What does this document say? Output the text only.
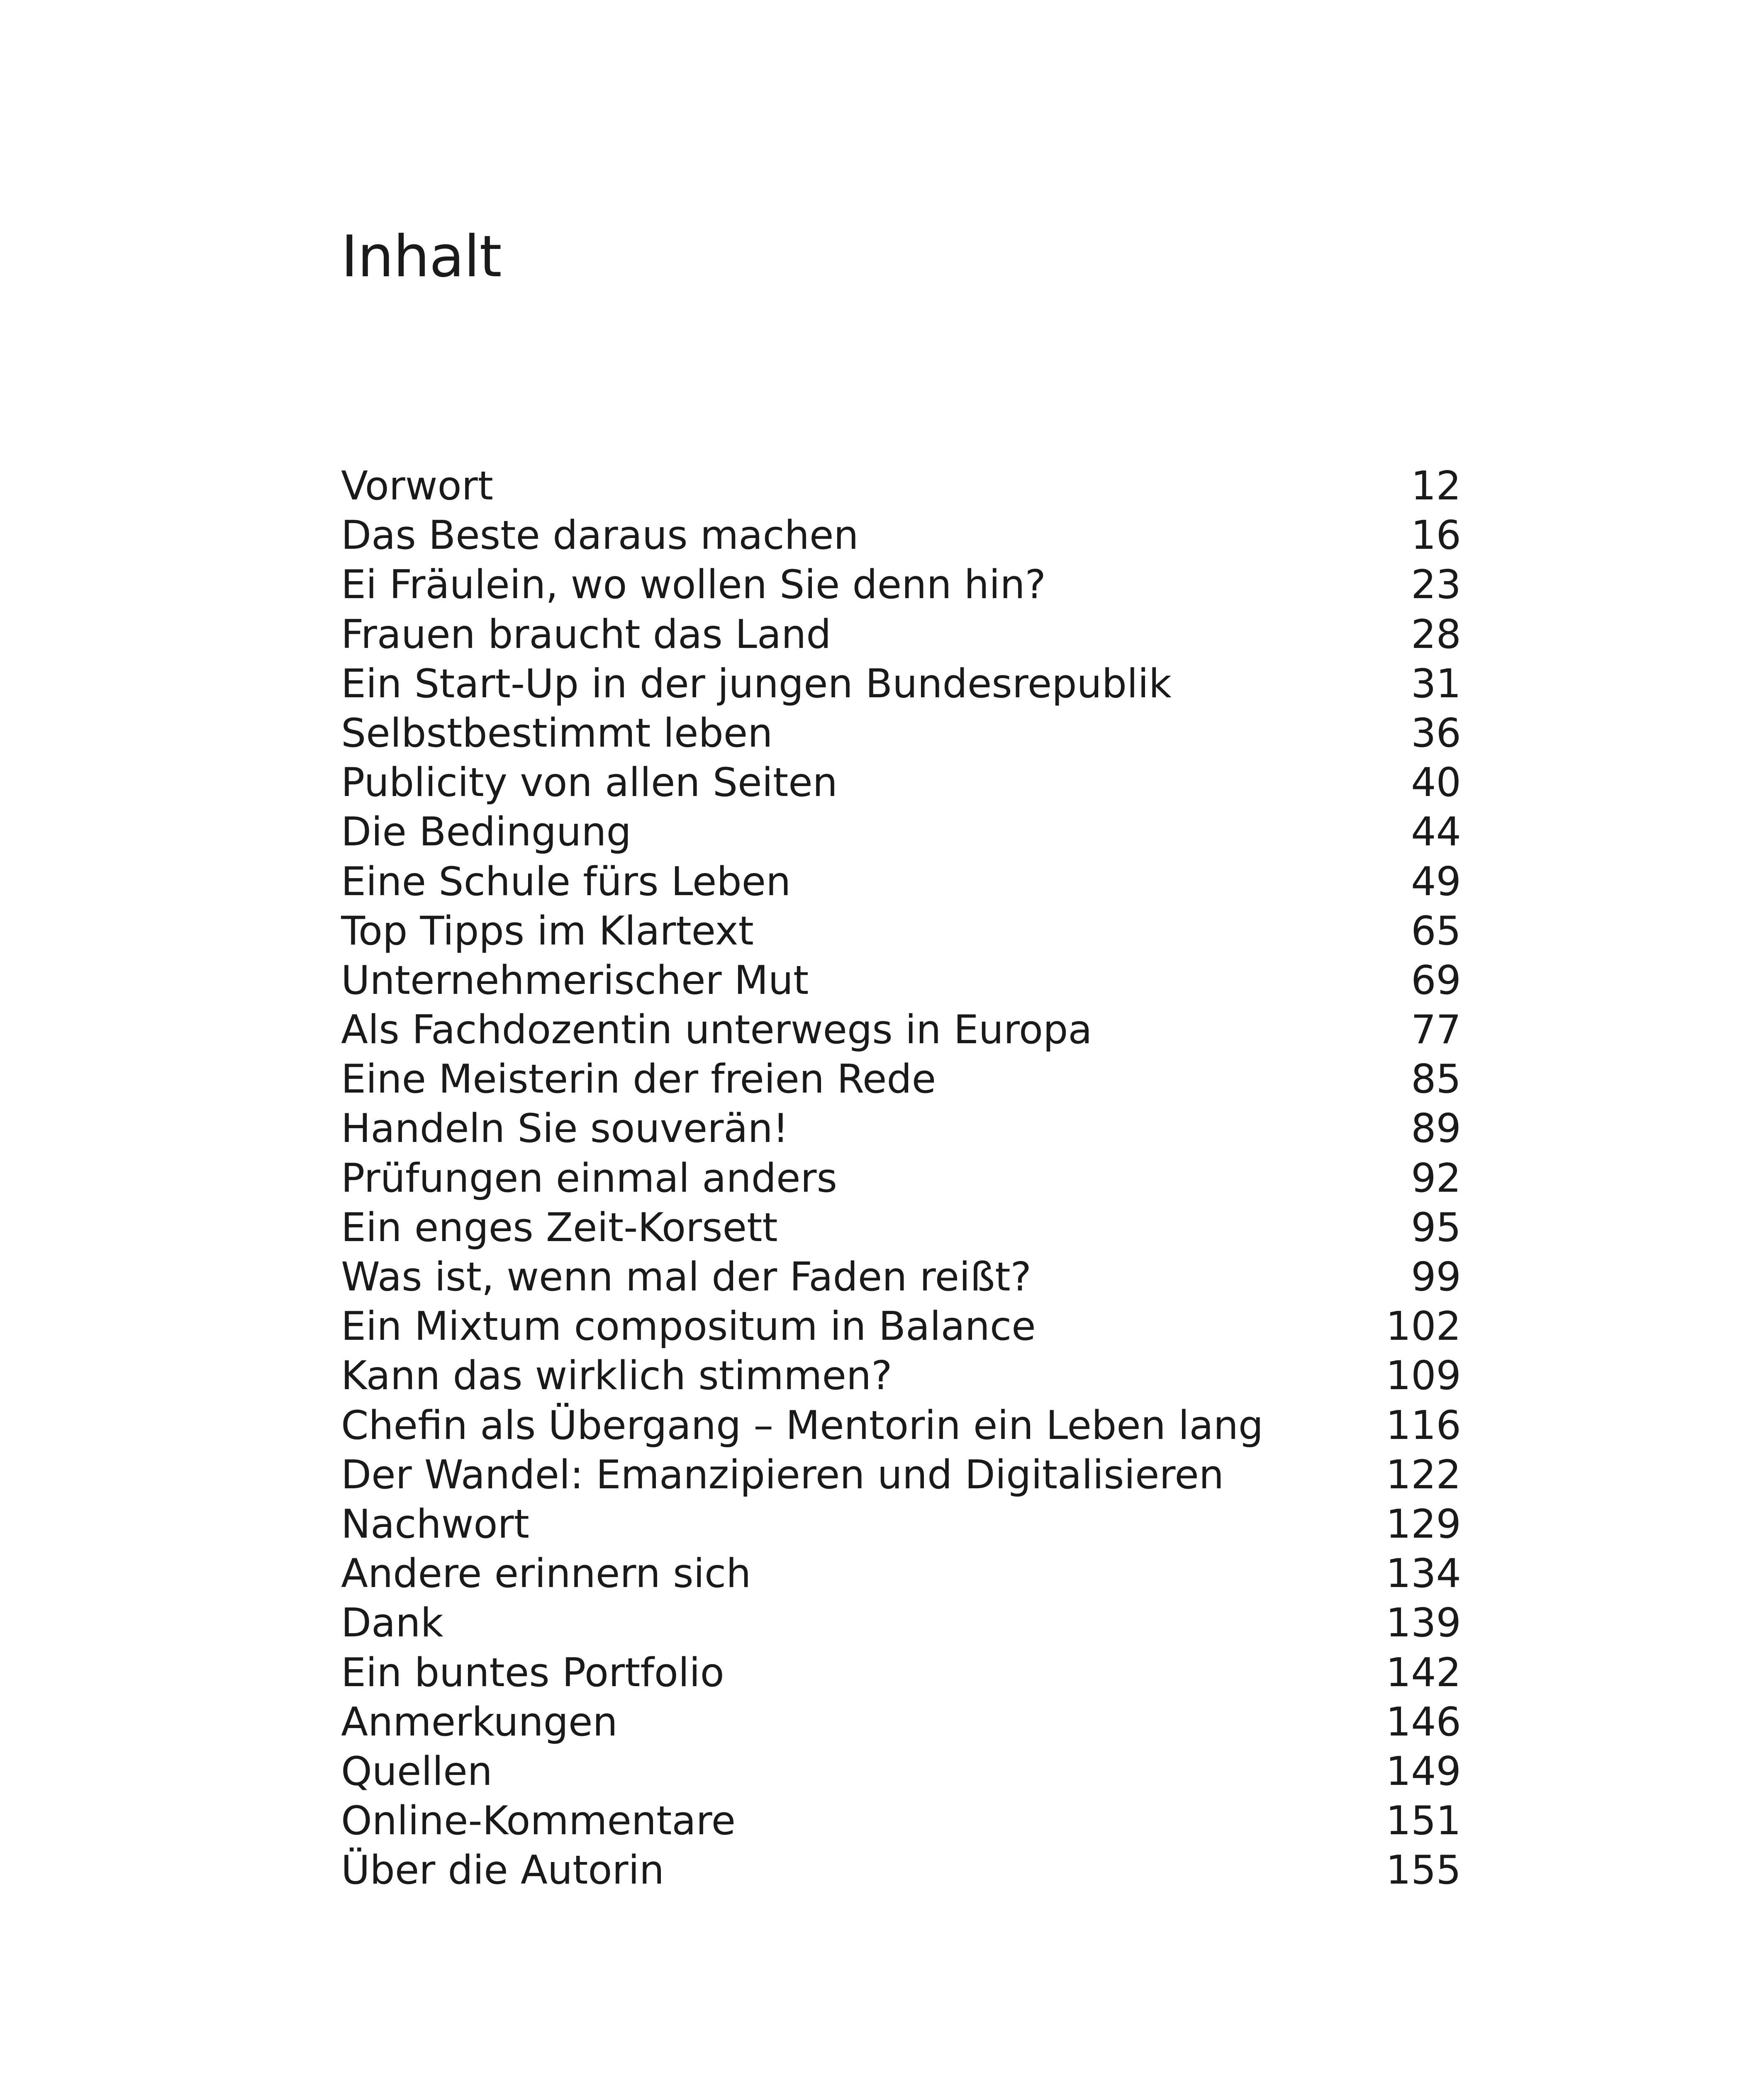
Inhalt
Vorwort	12
Das Beste daraus machen	16
Ei Fräulein, wo wollen Sie denn hin?	23
Frauen braucht das Land	28
Ein Start-Up in der jungen Bundesrepublik	31
Selbstbestimmt leben	36
Publicity von allen Seiten	40
Die Bedingung	44
Eine Schule fürs Leben	49
Top Tipps im Klartext	65
Unternehmerischer Mut	69
Als Fachdozentin unterwegs in Europa	77
Eine Meisterin der freien Rede	85
Handeln Sie souverän!	89
Prüfungen einmal anders	92
Ein enges Zeit-Korsett	95
Was ist, wenn mal der Faden reißt?	99
Ein Mixtum compositum in Balance	102
Kann das wirklich stimmen?	109
Chefin als Übergang – Mentorin ein Leben lang	116
Der Wandel: Emanzipieren und Digitalisieren	122
Nachwort	129
Andere erinnern sich	134
Dank	139
Ein buntes Portfolio	142
Anmerkungen	146
Quellen	149
Online-Kommentare	151
Über die Autorin	155
